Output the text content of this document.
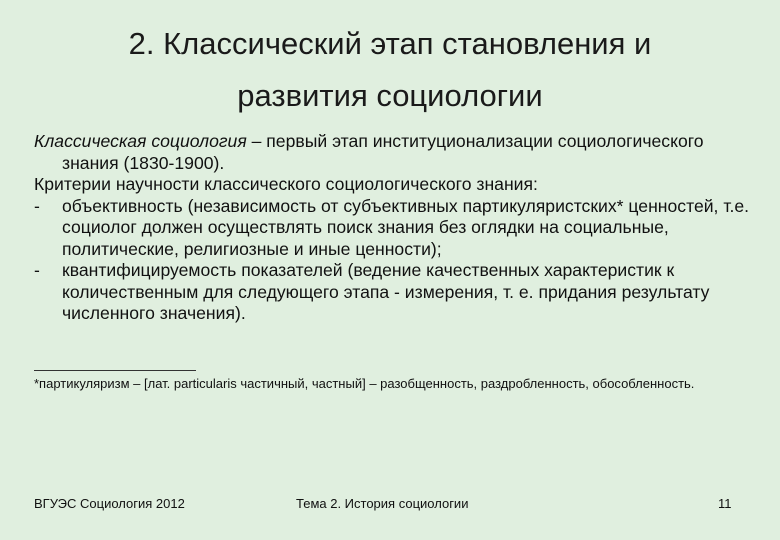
2. Классический этап становления и
развития социологии
Классическая социология – первый этап институционализации социологического знания (1830-1900).
Критерии научности классического социологического знания:
- объективность (независимость от субъективных партикуляристских* ценностей, т.е. социолог должен осуществлять поиск знания без оглядки на социальные, политические, религиозные и иные ценности);
- квантифицируемость показателей (ведение качественных характеристик к количественным для следующего этапа - измерения, т. е. придания результату численного значения).
*партикуляризм – [лат. particularis частичный, частный] – разобщенность, раздробленность, обособленность.
ВГУЭС Социология 2012	Тема 2. История социологии	11
